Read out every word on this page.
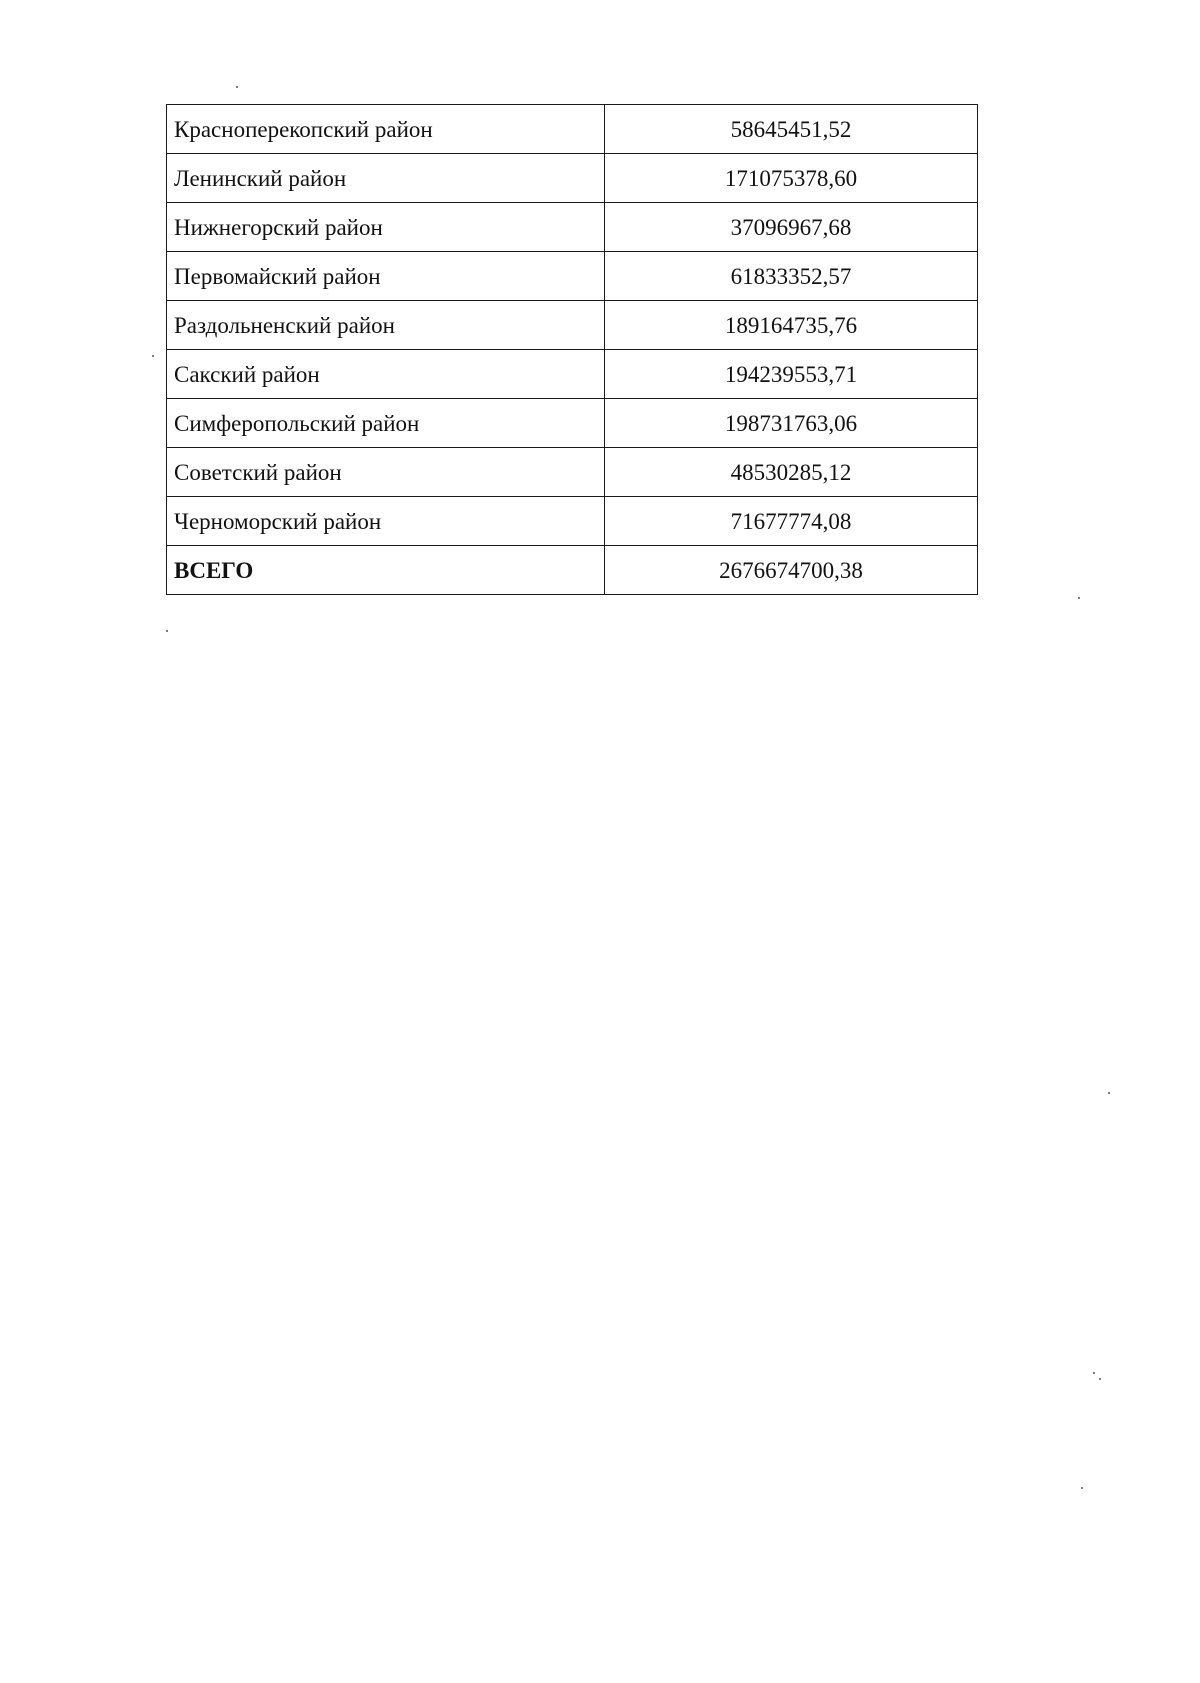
Красноперекопский район	58645451,52
Ленинский район	171075378,60
Нижнегорский район	37096967,68
Первомайский район	61833352,57
Раздольненский район	189164735,76
Сакский район	194239553,71
Симферопольский район	198731763,06
Советский район	48530285,12
Черноморский район	71677774,08
ВСЕГО	2676674700,38
